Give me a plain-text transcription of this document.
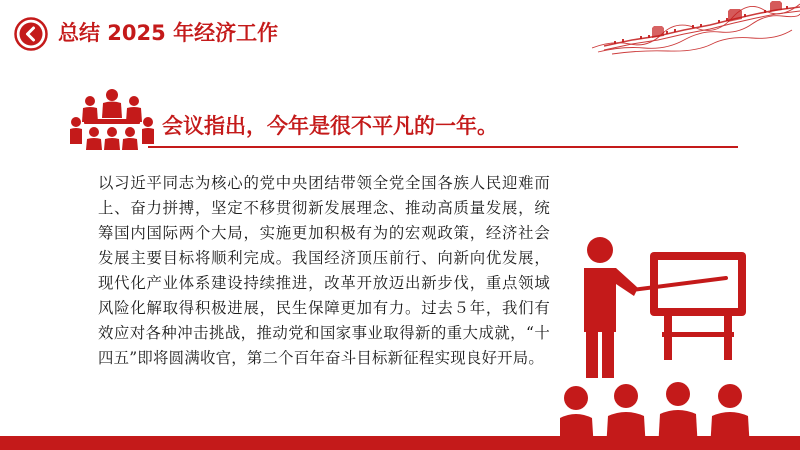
总结 2025 年经济工作
会议指出，今年是很不平凡的一年。

以习近平同志为核心的党中央团结带领全党全国各族人民迎难而上、奋力拼搏，坚定不移贯彻新发展理念、推动高质量发展，统筹国内国际两个大局，实施更加积极有为的宏观政策，经济社会发展主要目标将顺利完成。我国经济顶压前行、向新向优发展，现代化产业体系建设持续推进，改革开放迈出新步伐，重点领域风险化解取得积极进展，民生保障更加有力。过去５年，我们有效应对各种冲击挑战，推动党和国家事业取得新的重大成就，“十四五”即将圆满收官，第二个百年奋斗目标新征程实现良好开局。
